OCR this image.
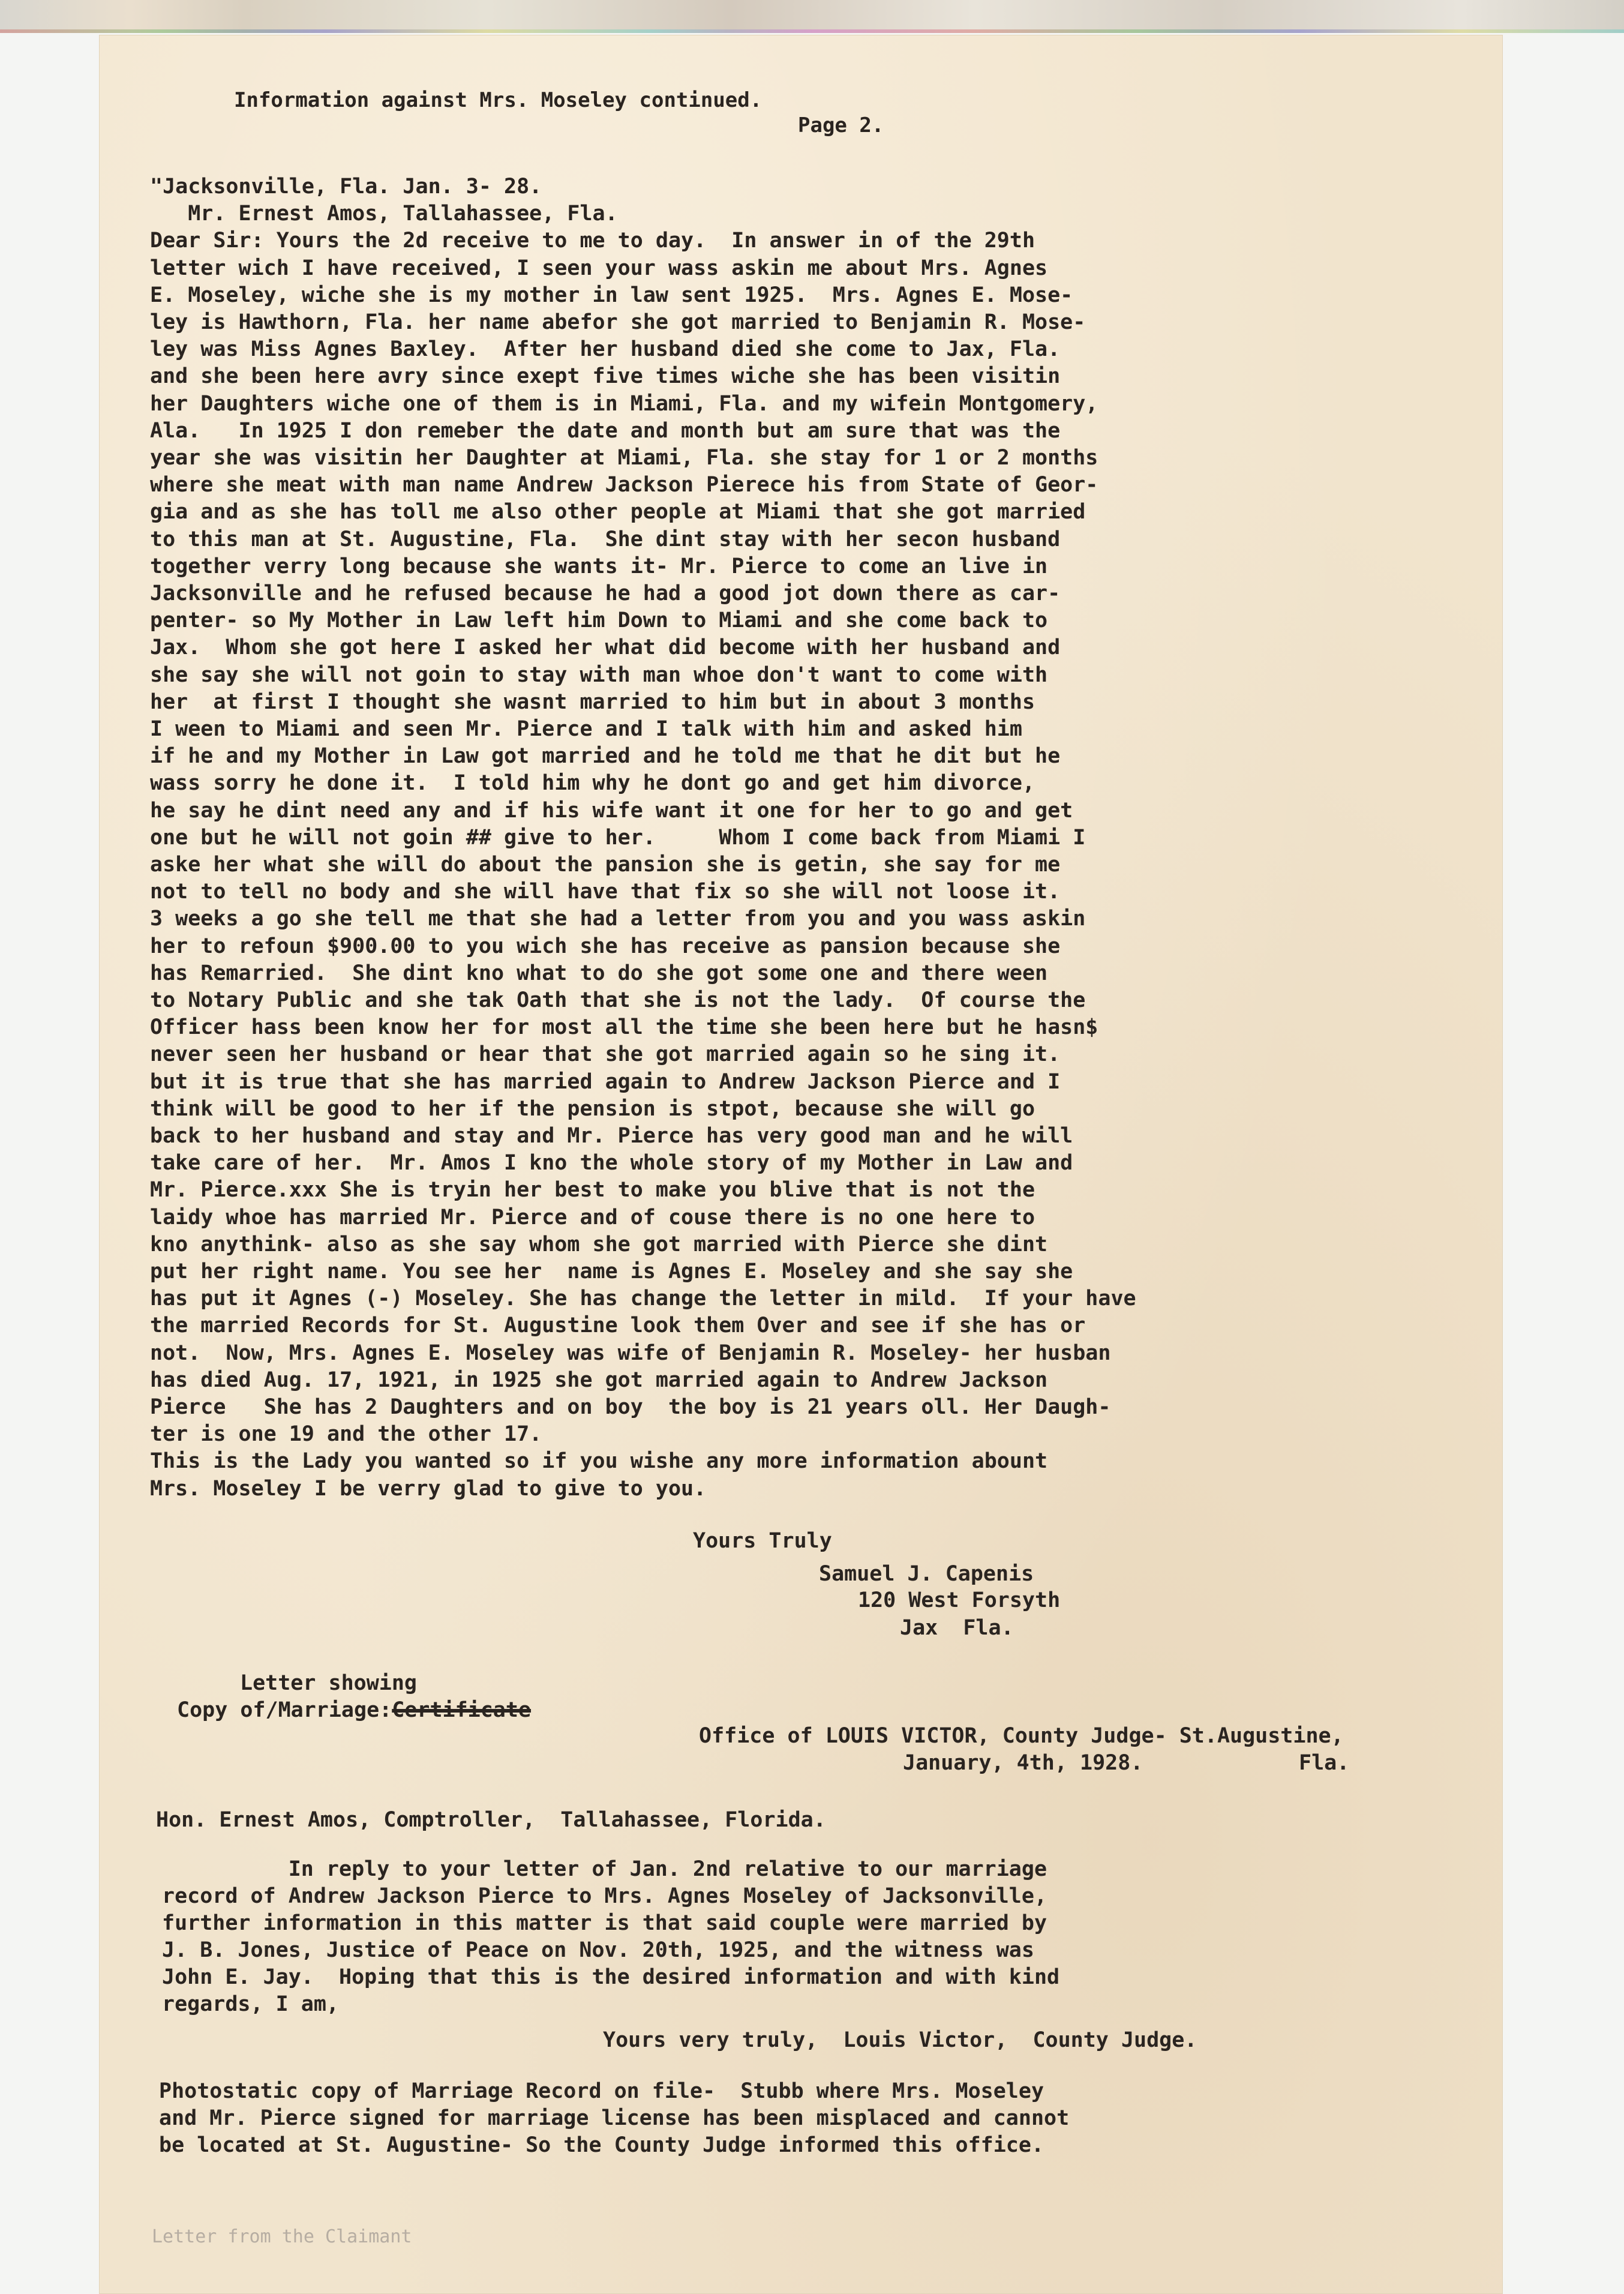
Information against Mrs. Moseley continued.
Page 2.
"Jacksonville, Fla. Jan. 3- 28.
Mr. Ernest Amos, Tallahassee, Fla.
Dear Sir: Yours the 2d receive to me to day.  In answer in of the 29th
letter wich I have received, I seen your wass askin me about Mrs. Agnes
E. Moseley, wiche she is my mother in law sent 1925.  Mrs. Agnes E. Mose-
ley is Hawthorn, Fla. her name abefor she got married to Benjamin R. Mose-
ley was Miss Agnes Baxley.  After her husband died she come to Jax, Fla.
and she been here avry since exept five times wiche she has been visitin
her Daughters wiche one of them is in Miami, Fla. and my wifein Montgomery,
Ala.   In 1925 I don remeber the date and month but am sure that was the
year she was visitin her Daughter at Miami, Fla. she stay for 1 or 2 months
where she meat with man name Andrew Jackson Pierece his from State of Geor-
gia and as she has toll me also other people at Miami that she got married
to this man at St. Augustine, Fla.  She dint stay with her secon husband
together verry long because she wants it- Mr. Pierce to come an live in
Jacksonville and he refused because he had a good jot down there as car-
penter- so My Mother in Law left him Down to Miami and she come back to
Jax.  Whom she got here I asked her what did become with her husband and
she say she will not goin to stay with man whoe don't want to come with
her  at first I thought she wasnt married to him but in about 3 months
I ween to Miami and seen Mr. Pierce and I talk with him and asked him
if he and my Mother in Law got married and he told me that he dit but he
wass sorry he done it.  I told him why he dont go and get him divorce,
he say he dint need any and if his wife want it one for her to go and get
one but he will not goin ## give to her.     Whom I come back from Miami I
aske her what she will do about the pansion she is getin, she say for me
not to tell no body and she will have that fix so she will not loose it.
3 weeks a go she tell me that she had a letter from you and you wass askin
her to refoun $900.00 to you wich she has receive as pansion because she
has Remarried.  She dint kno what to do she got some one and there ween
to Notary Public and she tak Oath that she is not the lady.  Of course the
Officer hass been know her for most all the time she been here but he hasn$
never seen her husband or hear that she got married again so he sing it.
but it is true that she has married again to Andrew Jackson Pierce and I
think will be good to her if the pension is stpot, because she will go
back to her husband and stay and Mr. Pierce has very good man and he will
take care of her.  Mr. Amos I kno the whole story of my Mother in Law and
Mr. Pierce.xxx She is tryin her best to make you blive that is not the
laidy whoe has married Mr. Pierce and of couse there is no one here to
kno anythink- also as she say whom she got married with Pierce she dint
put her right name. You see her  name is Agnes E. Moseley and she say she
has put it Agnes (-) Moseley. She has change the letter in mild.  If your have
the married Records for St. Augustine look them Over and see if she has or
not.  Now, Mrs. Agnes E. Moseley was wife of Benjamin R. Moseley- her husban
has died Aug. 17, 1921, in 1925 she got married again to Andrew Jackson
Pierce   She has 2 Daughters and on boy  the boy is 21 years oll. Her Daugh-
ter is one 19 and the other 17.
This is the Lady you wanted so if you wishe any more information abount
Mrs. Moseley I be verry glad to give to you.
Yours Truly
Samuel J. Capenis
120 West Forsyth
Jax  Fla.
Letter showing
Copy of/Marriage:Certificate
Office of LOUIS VICTOR, County Judge- St.Augustine,
January, 4th, 1928.	Fla.
Hon. Ernest Amos, Comptroller,  Tallahassee, Florida.
In reply to your letter of Jan. 2nd relative to our marriage
record of Andrew Jackson Pierce to Mrs. Agnes Moseley of Jacksonville,
further information in this matter is that said couple were married by
J. B. Jones, Justice of Peace on Nov. 20th, 1925, and the witness was
John E. Jay.  Hoping that this is the desired information and with kind
regards, I am,
Yours very truly,  Louis Victor,  County Judge.
Photostatic copy of Marriage Record on file-  Stubb where Mrs. Moseley
and Mr. Pierce signed for marriage license has been misplaced and cannot
be located at St. Augustine- So the County Judge informed this office.
Letter from the Claimant
